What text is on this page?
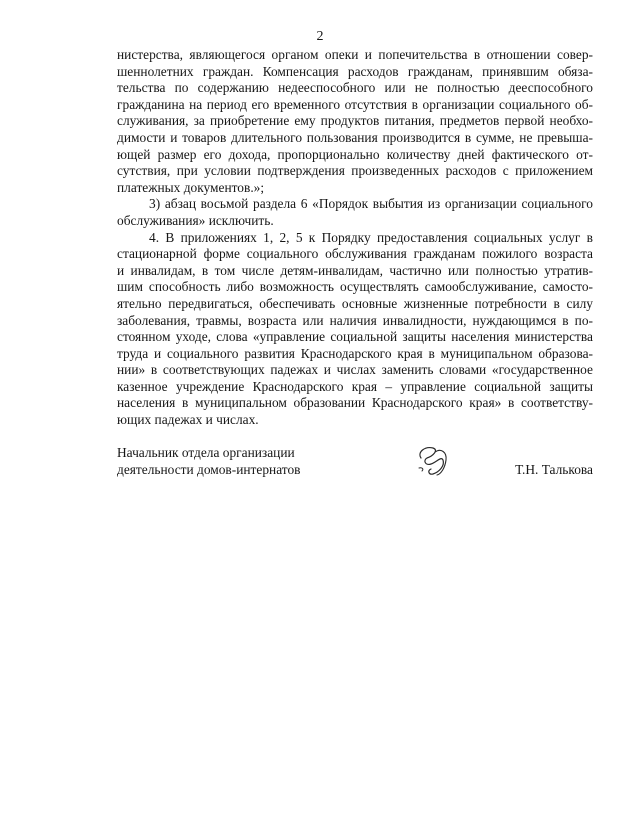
2
нистерства, являющегося органом опеки и попечительства в отношении совер-
шеннолетних граждан. Компенсация расходов гражданам, принявшим обяза-
тельства по содержанию недееспособного или не полностью дееспособного
гражданина на период его временного отсутствия в организации социального об-
служивания, за приобретение ему продуктов питания, предметов первой необхо-
димости и товаров длительного пользования производится в сумме, не превыша-
ющей размер его дохода, пропорционально количеству дней фактического от-
сутствия, при условии подтверждения произведенных расходов с приложением
платежных документов.»;
3) абзац восьмой раздела 6 «Порядок выбытия из организации социального
обслуживания» исключить.
4. В приложениях 1, 2, 5 к Порядку предоставления социальных услуг в
стационарной форме социального обслуживания гражданам пожилого возраста
и инвалидам, в том числе детям-инвалидам, частично или полностью утратив-
шим способность либо возможность осуществлять самообслуживание, самосто-
ятельно передвигаться, обеспечивать основные жизненные потребности в силу
заболевания, травмы, возраста или наличия инвалидности, нуждающимся в по-
стоянном уходе, слова «управление социальной защиты населения министерства
труда и социального развития Краснодарского края в муниципальном образова-
нии» в соответствующих падежах и числах заменить словами «государственное
казенное учреждение Краснодарского края – управление социальной защиты
населения в муниципальном образовании Краснодарского края» в соответству-
ющих падежах и числах.
Начальник отдела организации
деятельности домов-интернатов	Т.Н. Талькова
